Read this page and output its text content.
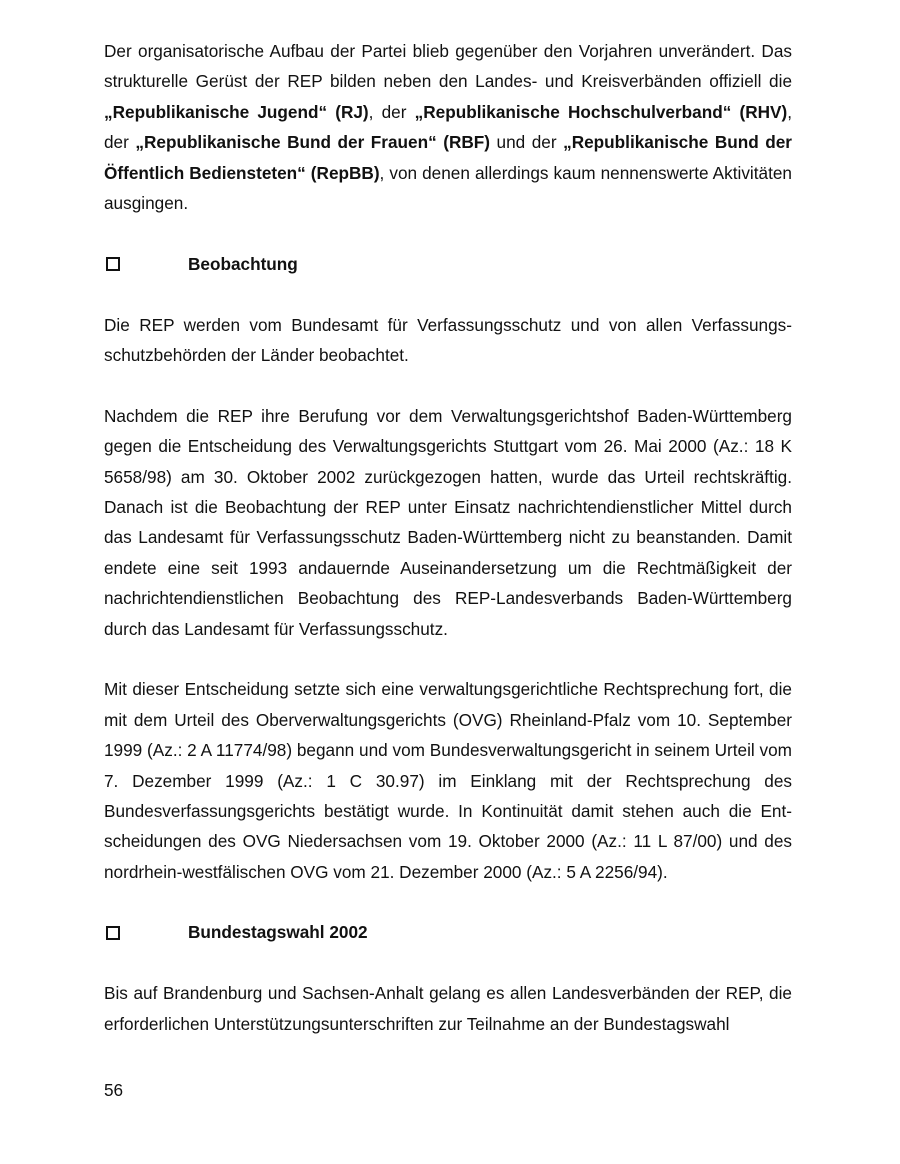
Der organisatorische Aufbau der Partei blieb gegenüber den Vorjahren unverändert. Das strukturelle Gerüst der REP bilden neben den Landes- und Kreisverbänden offiziell die „Republikanische Jugend“ (RJ), der „Republikanische Hochschulverband“ (RHV), der „Republikanische Bund der Frauen“ (RBF) und der „Republikanische Bund der Öffentlich Bediensteten“ (RepBB), von denen allerdings kaum nennenswerte Aktivitäten ausgingen.

Beobachtung

Die REP werden vom Bundesamt für Verfassungsschutz und von allen Verfassungsschutzbehörden der Länder beobachtet.

Nachdem die REP ihre Berufung vor dem Verwaltungsgerichtshof Baden-Württemberg gegen die Entscheidung des Verwaltungsgerichts Stuttgart vom 26. Mai 2000 (Az.: 18 K 5658/98) am 30. Oktober 2002 zurückgezogen hatten, wurde das Urteil rechtskräftig. Danach ist die Beobachtung der REP unter Einsatz nachrichtendienstlicher Mittel durch das Landesamt für Verfassungsschutz Baden-Württemberg nicht zu beanstanden. Damit endete eine seit 1993 andauernde Auseinandersetzung um die Rechtmäßigkeit der nachrichtendienstlichen Beobachtung des REP-Landesverbands Baden-Württemberg durch das Landesamt für Verfassungsschutz.

Mit dieser Entscheidung setzte sich eine verwaltungsgerichtliche Rechtsprechung fort, die mit dem Urteil des Oberverwaltungsgerichts (OVG) Rheinland-Pfalz vom 10. September 1999 (Az.: 2 A 11774/98) begann und vom Bundesverwaltungsgericht in seinem Urteil vom 7. Dezember 1999 (Az.: 1 C 30.97) im Einklang mit der Rechtsprechung des Bundesverfassungsgerichts bestätigt wurde. In Kontinuität damit stehen auch die Entscheidungen des OVG Niedersachsen vom 19. Oktober 2000 (Az.: 11 L 87/00) und des nordrhein-westfälischen OVG vom 21. Dezember 2000 (Az.: 5 A 2256/94).

Bundestagswahl 2002

Bis auf Brandenburg und Sachsen-Anhalt gelang es allen Landesverbänden der REP, die erforderlichen Unterstützungsunterschriften zur Teilnahme an der Bundestagswahl

56
